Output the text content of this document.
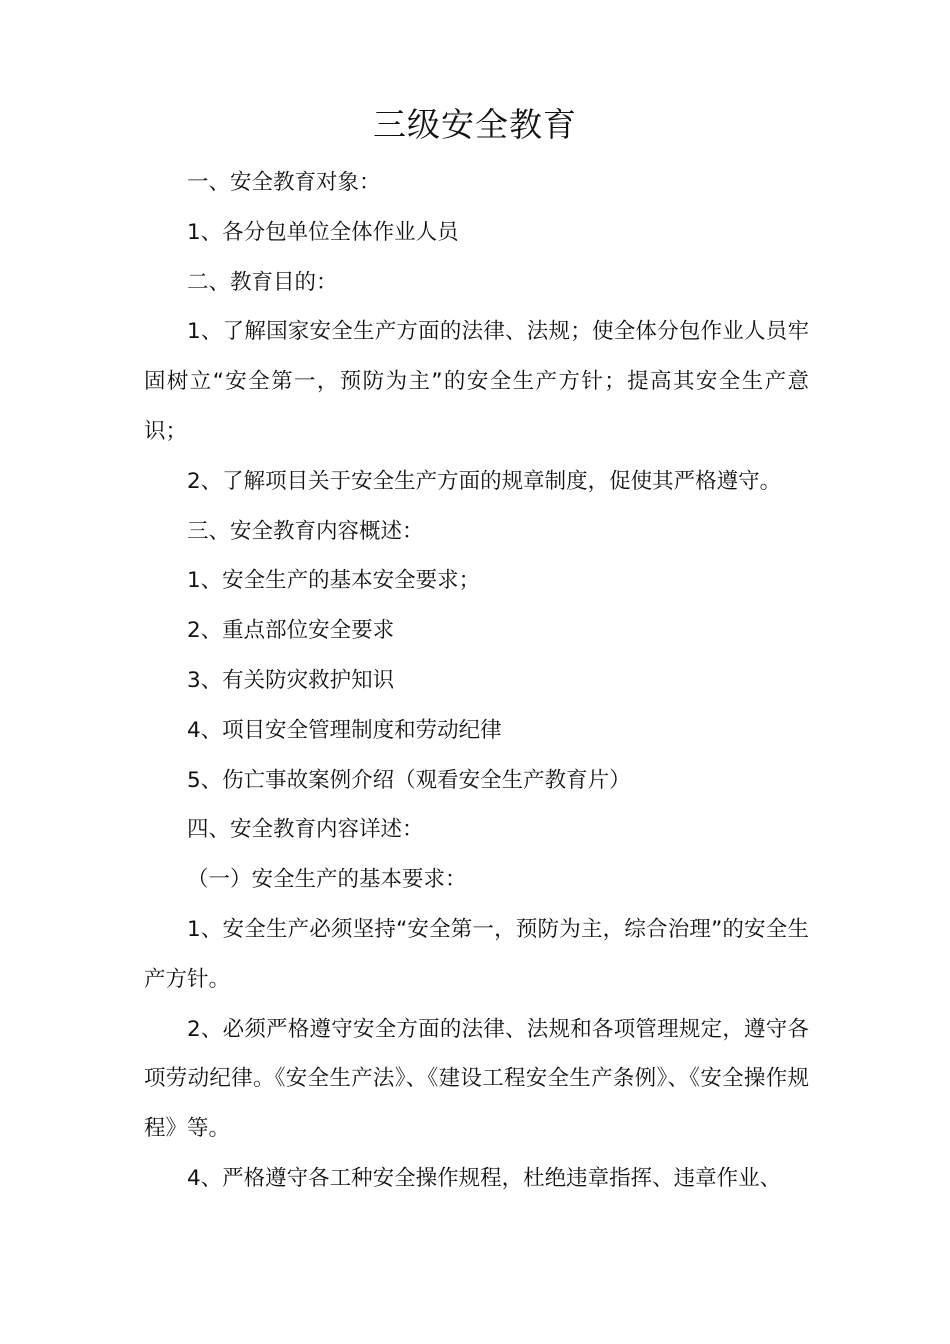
三级安全教育

一、安全教育对象：

1、各分包单位全体作业人员

二、教育目的：

1、了解国家安全生产方面的法律、法规；使全体分包作业人员牢固树立“安全第一，预防为主”的安全生产方针；提高其安全生产意识；

2、了解项目关于安全生产方面的规章制度，促使其严格遵守。

三、安全教育内容概述：

1、安全生产的基本安全要求；

2、重点部位安全要求

3、有关防灾救护知识

4、项目安全管理制度和劳动纪律

5、伤亡事故案例介绍（观看安全生产教育片）

四、安全教育内容详述：

（一）安全生产的基本要求：

1、安全生产必须坚持“安全第一，预防为主，综合治理”的安全生产方针。

2、必须严格遵守安全方面的法律、法规和各项管理规定，遵守各项劳动纪律。《安全生产法》、《建设工程安全生产条例》、《安全操作规程》等。

4、严格遵守各工种安全操作规程，杜绝违章指挥、违章作业、
